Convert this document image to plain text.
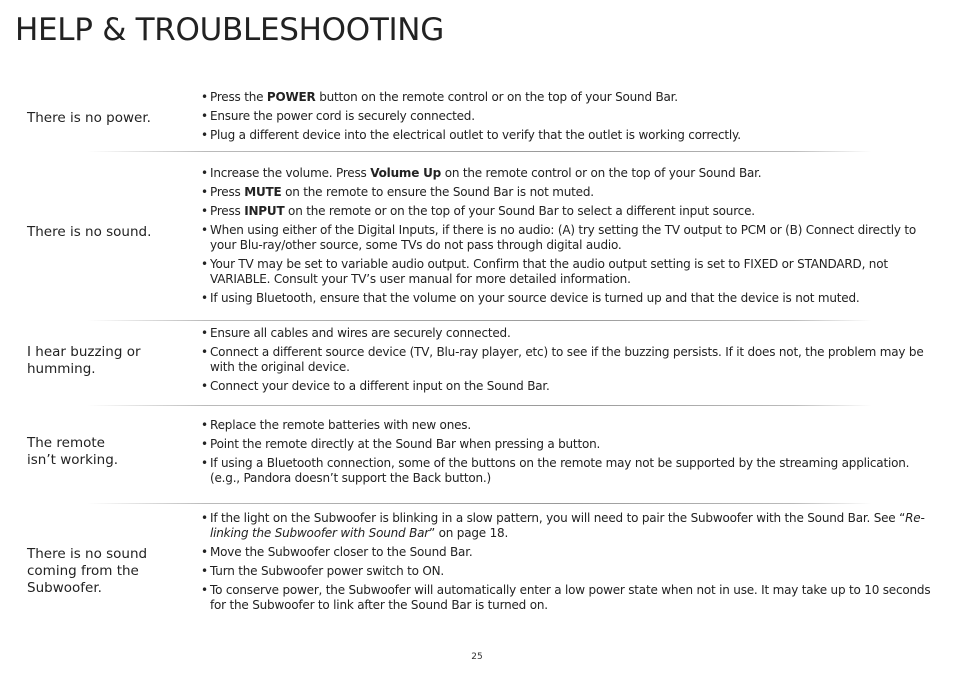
HELP & TROUBLESHOOTING
There is no power.
• Press the POWER button on the remote control or on the top of your Sound Bar.
• Ensure the power cord is securely connected.
• Plug a different device into the electrical outlet to verify that the outlet is working correctly.
There is no sound.
• Increase the volume. Press Volume Up on the remote control or on the top of your Sound Bar.
• Press MUTE on the remote to ensure the Sound Bar is not muted.
• Press INPUT on the remote or on the top of your Sound Bar to select a different input source.
• When using either of the Digital Inputs, if there is no audio: (A) try setting the TV output to PCM or (B) Connect directly to your Blu-ray/other source, some TVs do not pass through digital audio.
• Your TV may be set to variable audio output. Confirm that the audio output setting is set to FIXED or STANDARD, not VARIABLE. Consult your TV’s user manual for more detailed information.
• If using Bluetooth, ensure that the volume on your source device is turned up and that the device is not muted.
I hear buzzing or humming.
• Ensure all cables and wires are securely connected.
• Connect a different source device (TV, Blu-ray player, etc) to see if the buzzing persists. If it does not, the problem may be with the original device.
• Connect your device to a different input on the Sound Bar.
The remote isn’t working.
• Replace the remote batteries with new ones.
• Point the remote directly at the Sound Bar when pressing a button.
• If using a Bluetooth connection, some of the buttons on the remote may not be supported by the streaming application. (e.g., Pandora doesn’t support the Back button.)
There is no sound coming from the Subwoofer.
• If the light on the Subwoofer is blinking in a slow pattern, you will need to pair the Subwoofer with the Sound Bar. See “Re-linking the Subwoofer with Sound Bar” on page 18.
• Move the Subwoofer closer to the Sound Bar.
• Turn the Subwoofer power switch to ON.
• To conserve power, the Subwoofer will automatically enter a low power state when not in use. It may take up to 10 seconds for the Subwoofer to link after the Sound Bar is turned on.
25
